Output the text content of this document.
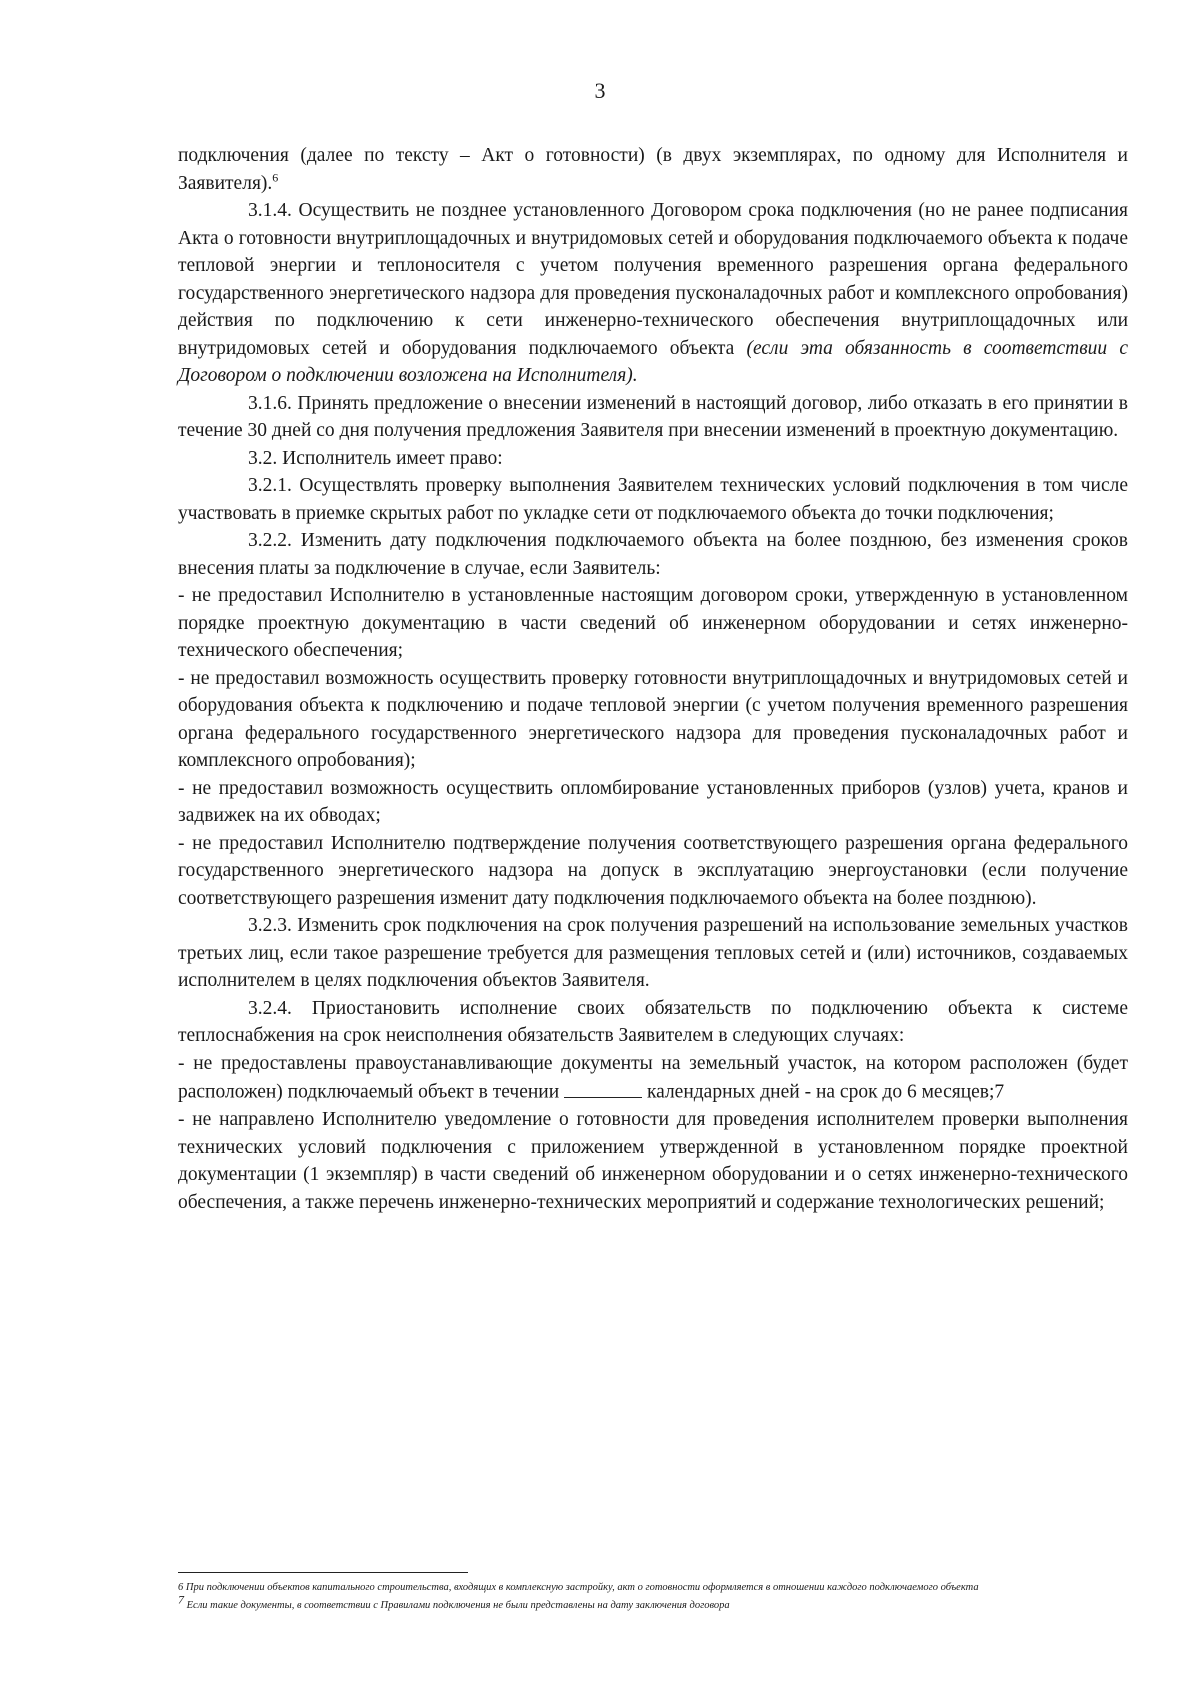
3

подключения (далее по тексту – Акт о готовности) (в двух экземплярах, по одному для Исполнителя и Заявителя).$^6$

3.1.4. Осуществить не позднее установленного Договором срока подключения (но не ранее подписания Акта о готовности внутриплощадочных и внутридомовых сетей и оборудования подключаемого объекта к подаче тепловой энергии и теплоносителя с учетом получения временного разрешения органа федерального государственного энергетического надзора для проведения пусконаладочных работ и комплексного опробования) действия по подключению к сети инженерно-технического обеспечения внутриплощадочных или внутридомовых сетей и оборудования подключаемого объекта (если эта обязанность в соответствии с Договором о подключении возложена на Исполнителя).

3.1.6. Принять предложение о внесении изменений в настоящий договор, либо отказать в его принятии в течение 30 дней со дня получения предложения Заявителя при внесении изменений в проектную документацию.

3.2. Исполнитель имеет право:

3.2.1. Осуществлять проверку выполнения Заявителем технических условий подключения в том числе участвовать в приемке скрытых работ по укладке сети от подключаемого объекта до точки подключения;

3.2.2. Изменить дату подключения подключаемого объекта на более позднюю, без изменения сроков внесения платы за подключение в случае, если Заявитель:

- не предоставил Исполнителю в установленные настоящим договором сроки, утвержденную в установленном порядке проектную документацию в части сведений об инженерном оборудовании и сетях инженерно-технического обеспечения;

- не предоставил возможность осуществить проверку готовности внутриплощадочных и внутридомовых сетей и оборудования объекта к подключению и подаче тепловой энергии (с учетом получения временного разрешения органа федерального государственного энергетического надзора для проведения пусконаладочных работ и комплексного опробования);

- не предоставил возможность осуществить опломбирование установленных приборов (узлов) учета, кранов и задвижек на их обводах;

- не предоставил Исполнителю подтверждение получения соответствующего разрешения органа федерального государственного энергетического надзора на допуск в эксплуатацию энергоустановки (если получение соответствующего разрешения изменит дату подключения подключаемого объекта на более позднюю).

3.2.3. Изменить срок подключения на срок получения разрешений на использование земельных участков третьих лиц, если такое разрешение требуется для размещения тепловых сетей и (или) источников, создаваемых исполнителем в целях подключения объектов Заявителя.

3.2.4. Приостановить исполнение своих обязательств по подключению объекта к системе теплоснабжения на срок неисполнения обязательств Заявителем в следующих случаях:

- не предоставлены правоустанавливающие документы на земельный участок, на котором расположен (будет расположен) подключаемый объект в течении	календарных дней - на срок до 6 месяцев;7

- не направлено Исполнителю уведомление о готовности для проведения исполнителем проверки выполнения технических условий подключения с приложением утвержденной в установленном порядке проектной документации (1 экземпляр) в части сведений об инженерном оборудовании и о сетях инженерно-технического обеспечения, а также перечень инженерно-технических мероприятий и содержание технологических решений;

6 При подключении объектов капитального строительства, входящих в комплексную застройку, акт о готовности оформляется в отношении каждого подключаемого объекта

$^7$ Если такие документы, в соответствии с Правилами подключения не были представлены на дату заключения договора
